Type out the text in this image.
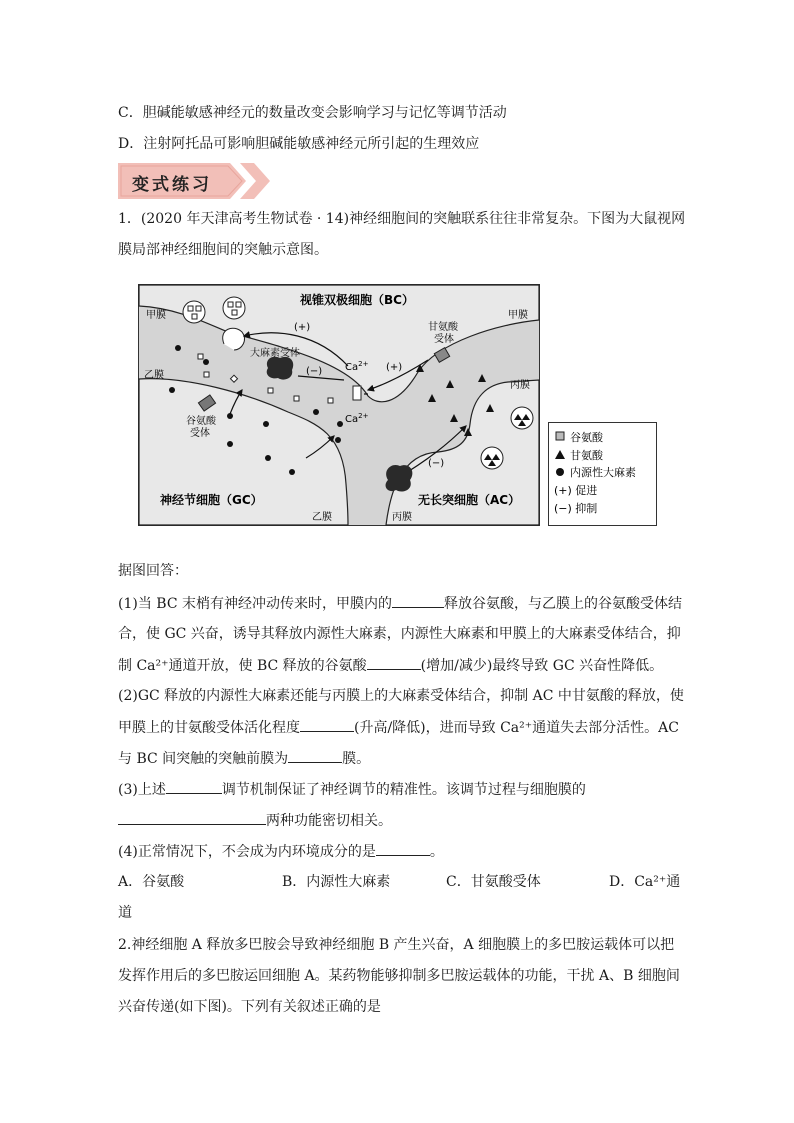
C．胆碱能敏感神经元的数量改变会影响学习与记忆等调节活动
D．注射阿托品可影响胆碱能敏感神经元所引起的生理效应
变式练习
1．(2020 年天津高考生物试卷 · 14)神经细胞间的突触联系往往非常复杂。下图为大鼠视网
膜局部神经细胞间的突触示意图。
大麻素受体
$Ca^{2+}$
$Ca^{2+}$
甘氨酸
受体
谷氨酸
受体
(+)
(+)
(−)
(−)
视锥双极细胞（BC）
甲膜	甲膜
乙膜
丙膜
神经节细胞（GC）	无长突细胞（AC）
乙膜	丙膜
谷氨酸
甘氨酸
内源性大麻素
(+) 促进
(−) 抑制
据图回答：
(1)当 BC 末梢有神经冲动传来时，甲膜内的	释放谷氨酸，与乙膜上的谷氨酸受体结
合，使 GC 兴奋，诱导其释放内源性大麻素，内源性大麻素和甲膜上的大麻素受体结合，抑
制 Ca²⁺通道开放，使 BC 释放的谷氨酸	(增加/减少)最终导致 GC 兴奋性降低。
(2)GC 释放的内源性大麻素还能与丙膜上的大麻素受体结合，抑制 AC 中甘氨酸的释放，使
甲膜上的甘氨酸受体活化程度	(升高/降低)，进而导致 Ca²⁺通道失去部分活性。AC
与 BC 间突触的突触前膜为	膜。
(3)上述	调节机制保证了神经调节的精准性。该调节过程与细胞膜的
两种功能密切相关。
(4)正常情况下，不会成为内环境成分的是	。
A．谷氨酸	B．内源性大麻素	C．甘氨酸受体	D．Ca²⁺通
道
2.神经细胞 A 释放多巴胺会导致神经细胞 B 产生兴奋，A 细胞膜上的多巴胺运载体可以把
发挥作用后的多巴胺运回细胞 A。某药物能够抑制多巴胺运载体的功能，干扰 A、B 细胞间
兴奋传递(如下图)。下列有关叙述正确的是
